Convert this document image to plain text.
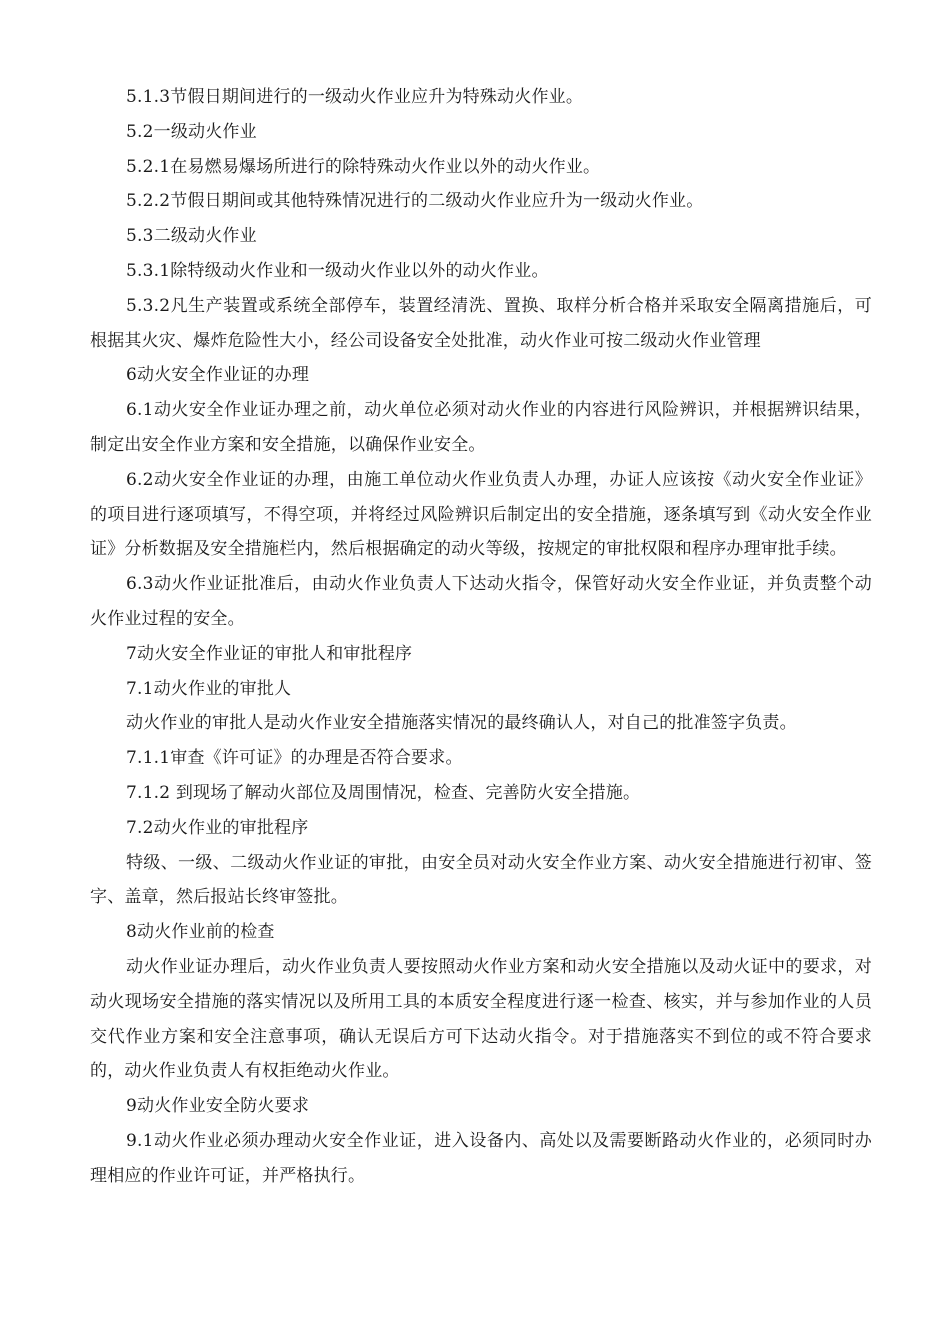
5.1.3节假日期间进行的一级动火作业应升为特殊动火作业。

5.2一级动火作业

5.2.1在易燃易爆场所进行的除特殊动火作业以外的动火作业。

5.2.2节假日期间或其他特殊情况进行的二级动火作业应升为一级动火作业。

5.3二级动火作业

5.3.1除特级动火作业和一级动火作业以外的动火作业。

5.3.2凡生产装置或系统全部停车，装置经清洗、置换、取样分析合格并采取安全隔离措施后，可根据其火灾、爆炸危险性大小，经公司设备安全处批准，动火作业可按二级动火作业管理

6动火安全作业证的办理

6.1动火安全作业证办理之前，动火单位必须对动火作业的内容进行风险辨识，并根据辨识结果，制定出安全作业方案和安全措施，以确保作业安全。

6.2动火安全作业证的办理，由施工单位动火作业负责人办理，办证人应该按《动火安全作业证》的项目进行逐项填写，不得空项，并将经过风险辨识后制定出的安全措施，逐条填写到《动火安全作业证》分析数据及安全措施栏内，然后根据确定的动火等级，按规定的审批权限和程序办理审批手续。

6.3动火作业证批准后，由动火作业负责人下达动火指令，保管好动火安全作业证，并负责整个动火作业过程的安全。

7动火安全作业证的审批人和审批程序

7.1动火作业的审批人

动火作业的审批人是动火作业安全措施落实情况的最终确认人，对自己的批准签字负责。

7.1.1审查《许可证》的办理是否符合要求。

7.1.2 到现场了解动火部位及周围情况，检查、完善防火安全措施。

7.2动火作业的审批程序

特级、一级、二级动火作业证的审批，由安全员对动火安全作业方案、动火安全措施进行初审、签字、盖章，然后报站长终审签批。

8动火作业前的检查

动火作业证办理后，动火作业负责人要按照动火作业方案和动火安全措施以及动火证中的要求，对动火现场安全措施的落实情况以及所用工具的本质安全程度进行逐一检查、核实，并与参加作业的人员交代作业方案和安全注意事项，确认无误后方可下达动火指令。对于措施落实不到位的或不符合要求的，动火作业负责人有权拒绝动火作业。

9动火作业安全防火要求

9.1动火作业必须办理动火安全作业证，进入设备内、高处以及需要断路动火作业的，必须同时办理相应的作业许可证，并严格执行。
